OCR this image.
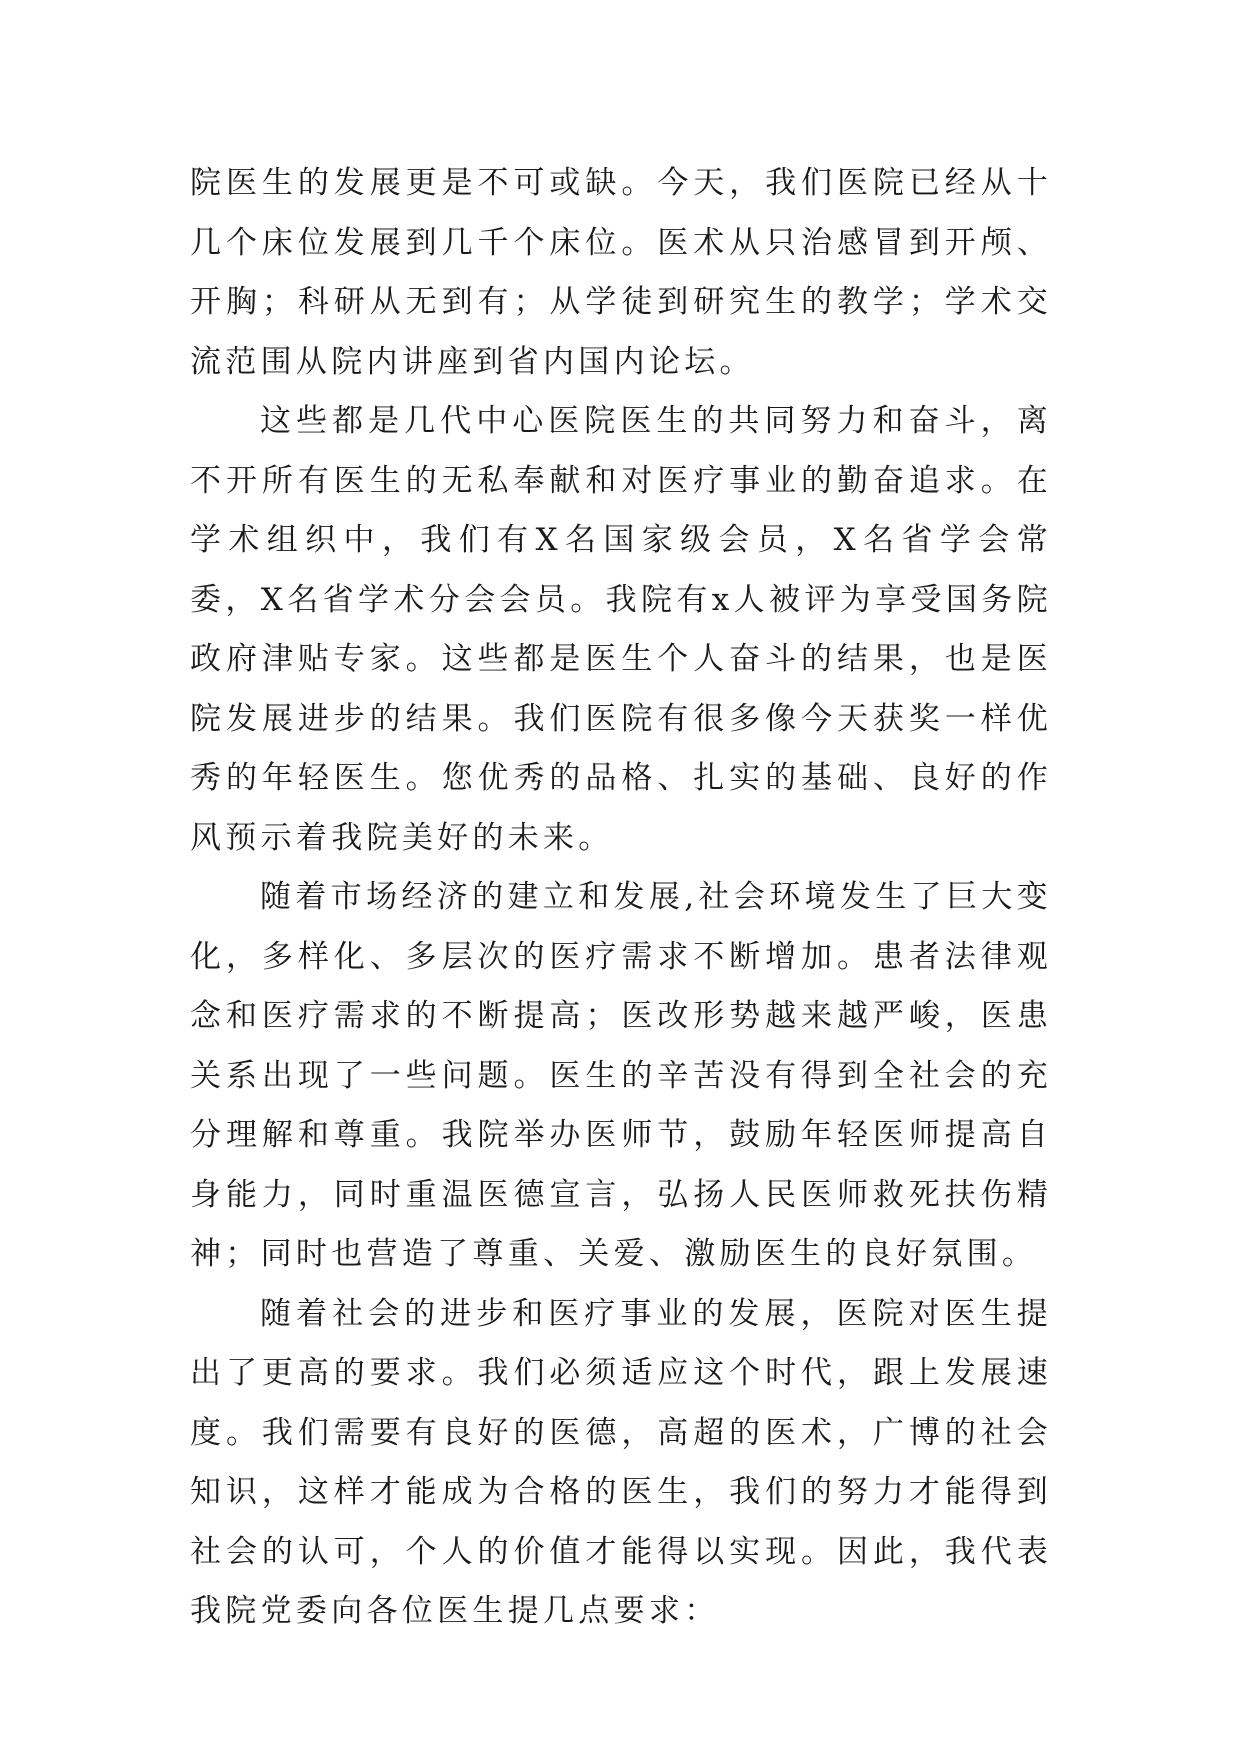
院医生的发展更是不可或缺。今天，我们医院已经从十几个床位发展到几千个床位。医术从只治感冒到开颅、开胸；科研从无到有；从学徒到研究生的教学；学术交流范围从院内讲座到省内国内论坛。

这些都是几代中心医院医生的共同努力和奋斗，离不开所有医生的无私奉献和对医疗事业的勤奋追求。在学术组织中，我们有X名国家级会员，X名省学会常委，X名省学术分会会员。我院有x人被评为享受国务院政府津贴专家。这些都是医生个人奋斗的结果，也是医院发展进步的结果。我们医院有很多像今天获奖一样优秀的年轻医生。您优秀的品格、扎实的基础、良好的作风预示着我院美好的未来。

随着市场经济的建立和发展,社会环境发生了巨大变化，多样化、多层次的医疗需求不断增加。患者法律观念和医疗需求的不断提高；医改形势越来越严峻，医患关系出现了一些问题。医生的辛苦没有得到全社会的充分理解和尊重。我院举办医师节，鼓励年轻医师提高自身能力，同时重温医德宣言，弘扬人民医师救死扶伤精神；同时也营造了尊重、关爱、激励医生的良好氛围。

随着社会的进步和医疗事业的发展，医院对医生提出了更高的要求。我们必须适应这个时代，跟上发展速度。我们需要有良好的医德，高超的医术，广博的社会知识，这样才能成为合格的医生，我们的努力才能得到社会的认可，个人的价值才能得以实现。因此，我代表我院党委向各位医生提几点要求：
